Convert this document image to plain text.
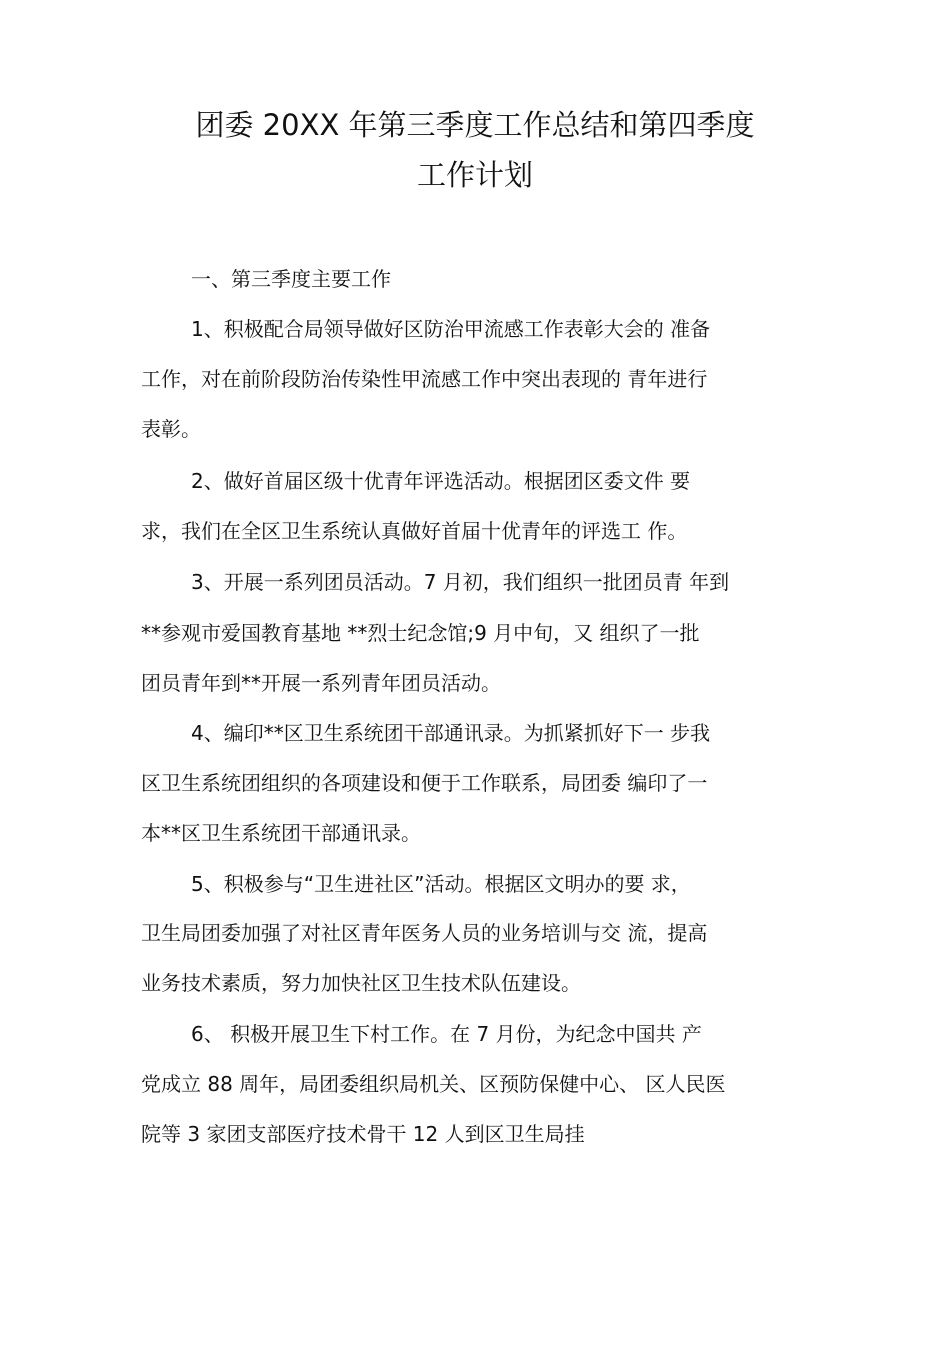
团委 20XX 年第三季度工作总结和第四季度
工作计划
一、第三季度主要工作
1、积极配合局领导做好区防治甲流感工作表彰大会的 准备
工作，对在前阶段防治传染性甲流感工作中突出表现的 青年进行
表彰。
2、做好首届区级十优青年评选活动。根据团区委文件 要
求，我们在全区卫生系统认真做好首届十优青年的评选工 作。
3、开展一系列团员活动。7 月初，我们组织一批团员青 年到
**参观市爱国教育基地 **烈士纪念馆;9 月中旬，又 组织了一批
团员青年到**开展一系列青年团员活动。
4、编印**区卫生系统团干部通讯录。为抓紧抓好下一 步我
区卫生系统团组织的各项建设和便于工作联系，局团委 编印了一
本**区卫生系统团干部通讯录。
5、积极参与“卫生进社区”活动。根据区文明办的要 求，
卫生局团委加强了对社区青年医务人员的业务培训与交 流，提高
业务技术素质，努力加快社区卫生技术队伍建设。
6、 积极开展卫生下村工作。在 7 月份，为纪念中国共 产
党成立 88 周年，局团委组织局机关、区预防保健中心、 区人民医
院等 3 家团支部医疗技术骨干 12 人到区卫生局挂
